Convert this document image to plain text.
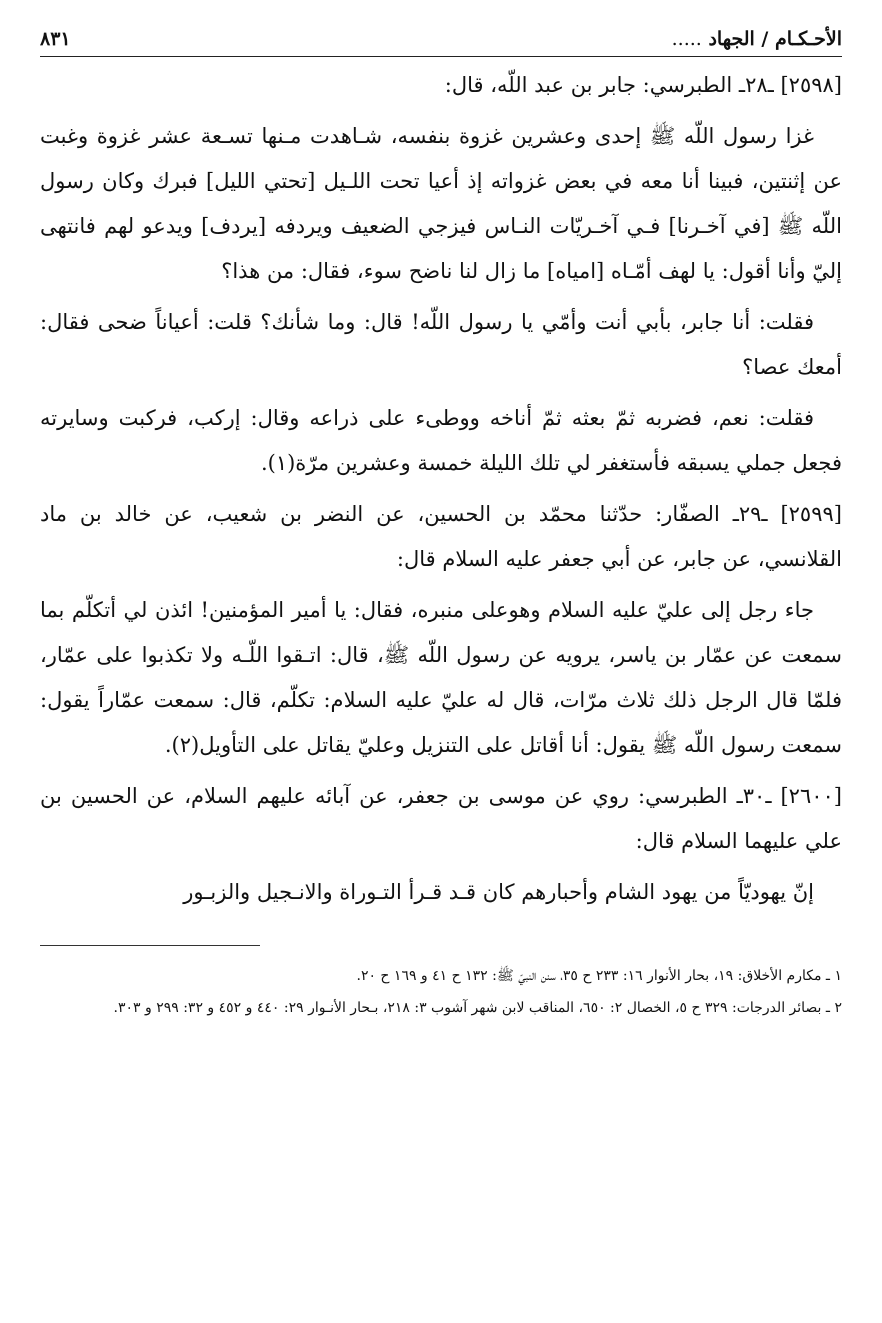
الأحـكـام / الجهاد .....
٨٣١

[٢٥٩٨] ـ٢٨ـ الطبرسي: جابر بن عبد اللّه، قال:

غزا رسول اللّه ﷺ إحدى وعشرين غزوة بنفسه، شـاهدت مـنها تسـعة عشر غزوة وغبت عن إثنتين، فبينا أنا معه في بعض غزواته إذ أعيا تحت اللـيل [تحتي الليل] فبرك وكان رسول اللّه ﷺ [في آخـرنا] فـي آخـريّات النـاس فيزجي الضعيف ويردفه [يردف] ويدعو لهم فانتهى إليّ وأنا أقول: يا لهف أمّـاه [امياه] ما زال لنا ناضح سوء، فقال: من هذا؟

فقلت: أنا جابر، بأبي أنت وأمّي يا رسول اللّه! قال: وما شأنك؟ قلت: أعياناً ضحى فقال: أمعك عصا؟

فقلت: نعم، فضربه ثمّ بعثه ثمّ أناخه ووطىء على ذراعه وقال: إركب، فركبت وسايرته فجعل جملي يسبقه فأستغفر لي تلك الليلة خمسة وعشرين مرّة(١).

[٢٥٩٩] ـ٢٩ـ الصفّار: حدّثنا محمّد بن الحسين، عن النضر بن شعيب، عن خالد بن ماد القلانسي، عن جابر، عن أبي جعفر عليه السلام قال:

جاء رجل إلى عليّ عليه السلام وهوعلى منبره، فقال: يا أمير المؤمنين! ائذن لي أتكلّم بما سمعت عن عمّار بن ياسر، يرويه عن رسول اللّه ﷺ، قال: اتـقوا اللّـه ولا تكذبوا على عمّار، فلمّا قال الرجل ذلك ثلاث مرّات، قال له عليّ عليه السلام: تكلّم، قال: سمعت عمّاراً يقول: سمعت رسول اللّه ﷺ يقول: أنا أقاتل على التنزيل وعليّ يقاتل على التأويل(٢).

[٢٦٠٠] ـ٣٠ـ الطبرسي: روي عن موسى بن جعفر، عن آبائه عليهم السلام، عن الحسين بن علي عليهما السلام قال:

إنّ يهوديّاً من يهود الشام وأحبارهم كان قـد قـرأ التـوراة والانـجيل والزبـور

١ ـ مكارم الأخلاق: ١٩، بحار الأنوار ١٦: ٢٣٣ ح ٣٥، سنن النبيّ ﷺ: ١٣٢ ح ٤١ و ١٦٩ ح ٢٠.
٢ ـ بصائر الدرجات: ٣٢٩ ح ٥، الخصال ٢: ٦٥٠، المناقب لابن شهر آشوب ٣: ٢١٨، بـحار الأنـوار ٢٩: ٤٤٠ و ٤٥٢ و ٣٢: ٢٩٩ و ٣٠٣.
